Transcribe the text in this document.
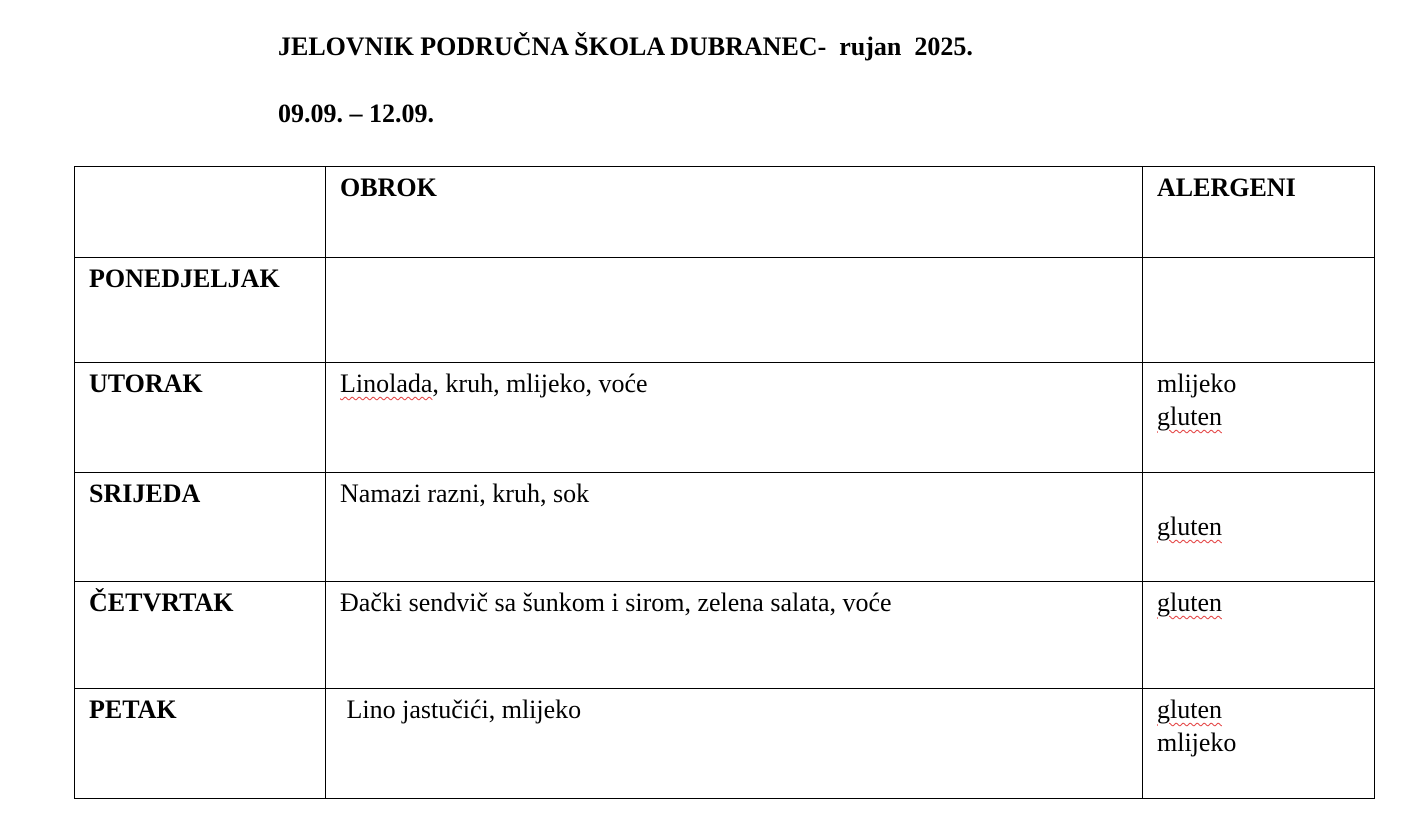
JELOVNIK PODRUČNA ŠKOLA DUBRANEC-  rujan  2025.
09.09. – 12.09.
	OBROK	ALERGENI
PONEDJELJAK		
UTORAK	Linolada, kruh, mlijeko, voće	mlijeko
gluten

SRIJEDA	Namazi razni, kruh, sok	gluten

ČETVRTAK	Đački sendvič sa šunkom i sirom, zelena salata, voće	gluten

PETAK	Lino jastučići, mlijeko	gluten
mlijeko
